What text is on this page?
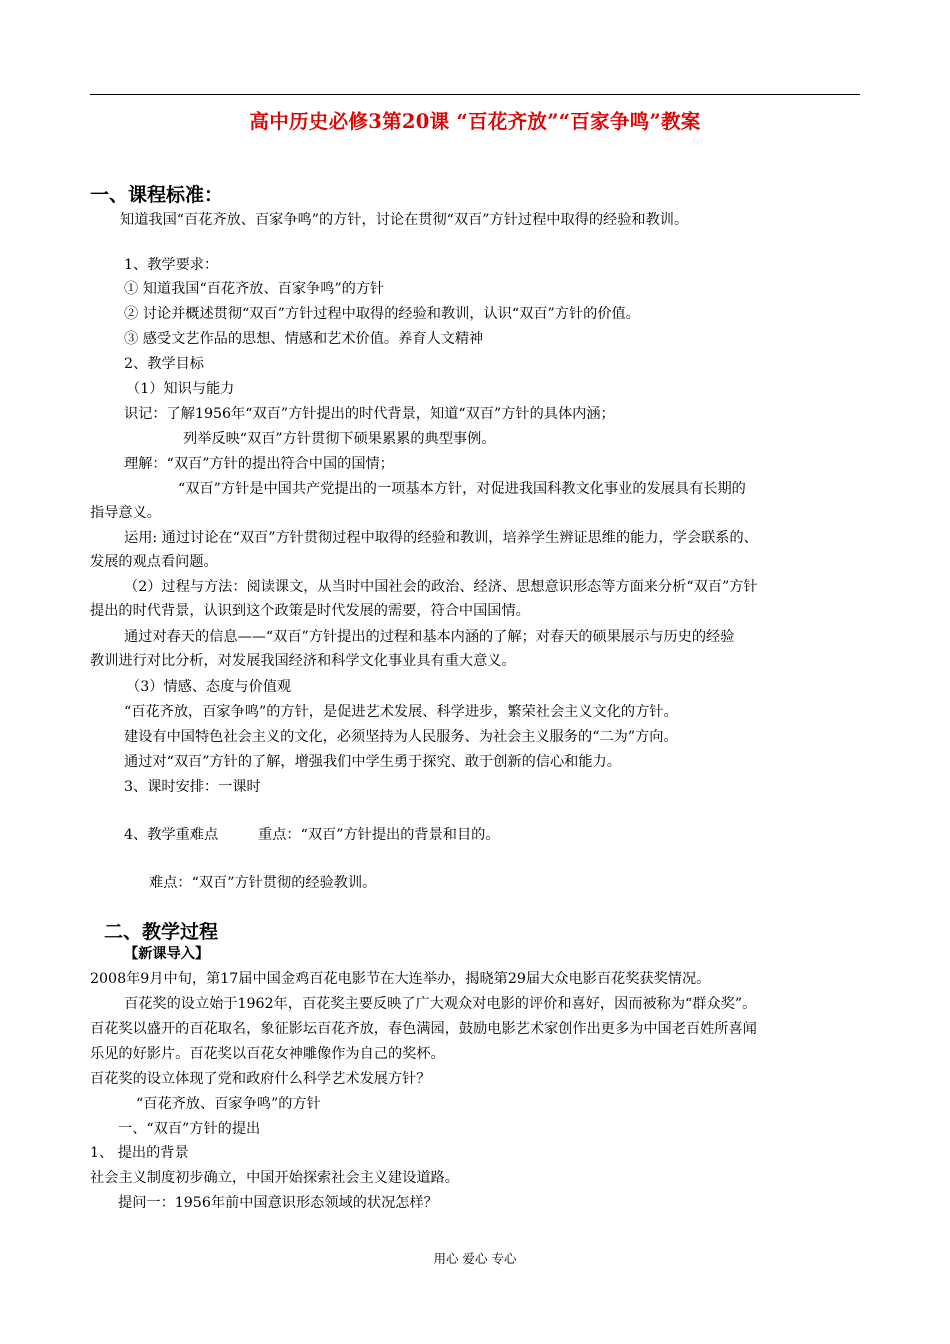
高中历史必修3第20课 “百花齐放”“百家争鸣”教案
一、课程标准：
知道我国“百花齐放、百家争鸣”的方针，讨论在贯彻“双百”方针过程中取得的经验和教训。
1、教学要求：
① 知道我国“百花齐放、百家争鸣”的方针
② 讨论并概述贯彻“双百”方针过程中取得的经验和教训，认识“双百”方针的价值。
③ 感受文艺作品的思想、情感和艺术价值。养育人文精神
2、教学目标
（1）知识与能力
识记：了解1956年“双百”方针提出的时代背景，知道“双百”方针的具体内涵；
列举反映“双百”方针贯彻下硕果累累的典型事例。
理解：“双百”方针的提出符合中国的国情；
“双百”方针是中国共产党提出的一项基本方针，对促进我国科教文化事业的发展具有长期的
指导意义。
运用: 通过讨论在“双百”方针贯彻过程中取得的经验和教训，培养学生辨证思维的能力，学会联系的、
发展的观点看问题。
（2）过程与方法：阅读课文，从当时中国社会的政治、经济、思想意识形态等方面来分析“双百”方针
提出的时代背景，认识到这个政策是时代发展的需要，符合中国国情。
通过对春天的信息——“双百”方针提出的过程和基本内涵的了解；对春天的硕果展示与历史的经验
教训进行对比分析，对发展我国经济和科学文化事业具有重大意义。
（3）情感、态度与价值观
“百花齐放，百家争鸣”的方针，是促进艺术发展、科学进步，繁荣社会主义文化的方针。
建设有中国特色社会主义的文化，必须坚持为人民服务、为社会主义服务的“二为”方向。
通过对“双百”方针的了解，增强我们中学生勇于探究、敢于创新的信心和能力。
3、课时安排：一课时
4、教学重难点	重点：“双百”方针提出的背景和目的。
难点：“双百”方针贯彻的经验教训。
二、教学过程
【新课导入】
2008年9月中旬，第17届中国金鸡百花电影节在大连举办，揭晓第29届大众电影百花奖获奖情况。
百花奖的设立始于1962年，百花奖主要反映了广大观众对电影的评价和喜好，因而被称为“群众奖”。
百花奖以盛开的百花取名，象征影坛百花齐放，春色满园，鼓励电影艺术家创作出更多为中国老百姓所喜闻
乐见的好影片。百花奖以百花女神雕像作为自己的奖杯。
百花奖的设立体现了党和政府什么科学艺术发展方针？
“百花齐放、百家争鸣”的方针
一、“双百”方针的提出
1、 提出的背景
社会主义制度初步确立，中国开始探索社会主义建设道路。
提问一：1956年前中国意识形态领域的状况怎样？
用心 爱心 专心
